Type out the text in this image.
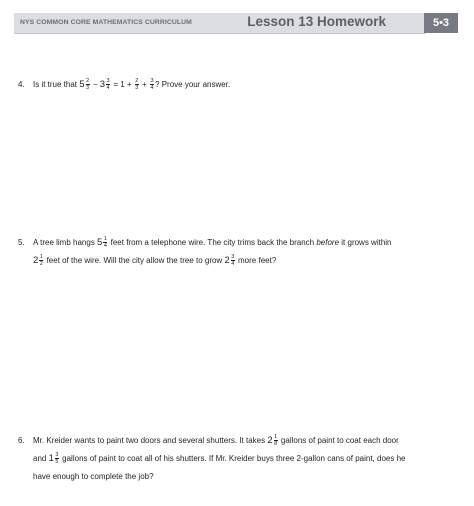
NYS COMMON CORE MATHEMATICS CURRICULUM	Lesson 13 Homework	5•3
4. Is it true that $5 \frac{2}{3} - 3 \frac{3}{4} = 1 + \frac{2}{3} + \frac{3}{4}$ ? Prove your answer.
5. A tree limb hangs $5 \frac{1}{4}$ feet from a telephone wire. The city trims back the branch before it grows within
$2 \frac{1}{2}$ feet of the wire. Will the city allow the tree to grow $2 \frac{3}{4}$ more feet?
6. Mr. Kreider wants to paint two doors and several shutters. It takes $2 \frac{1}{8}$ gallons of paint to coat each door
and $1 \frac{3}{5}$ gallons of paint to coat all of his shutters. If Mr. Kreider buys three 2-gallon cans of paint, does he
have enough to complete the job?
